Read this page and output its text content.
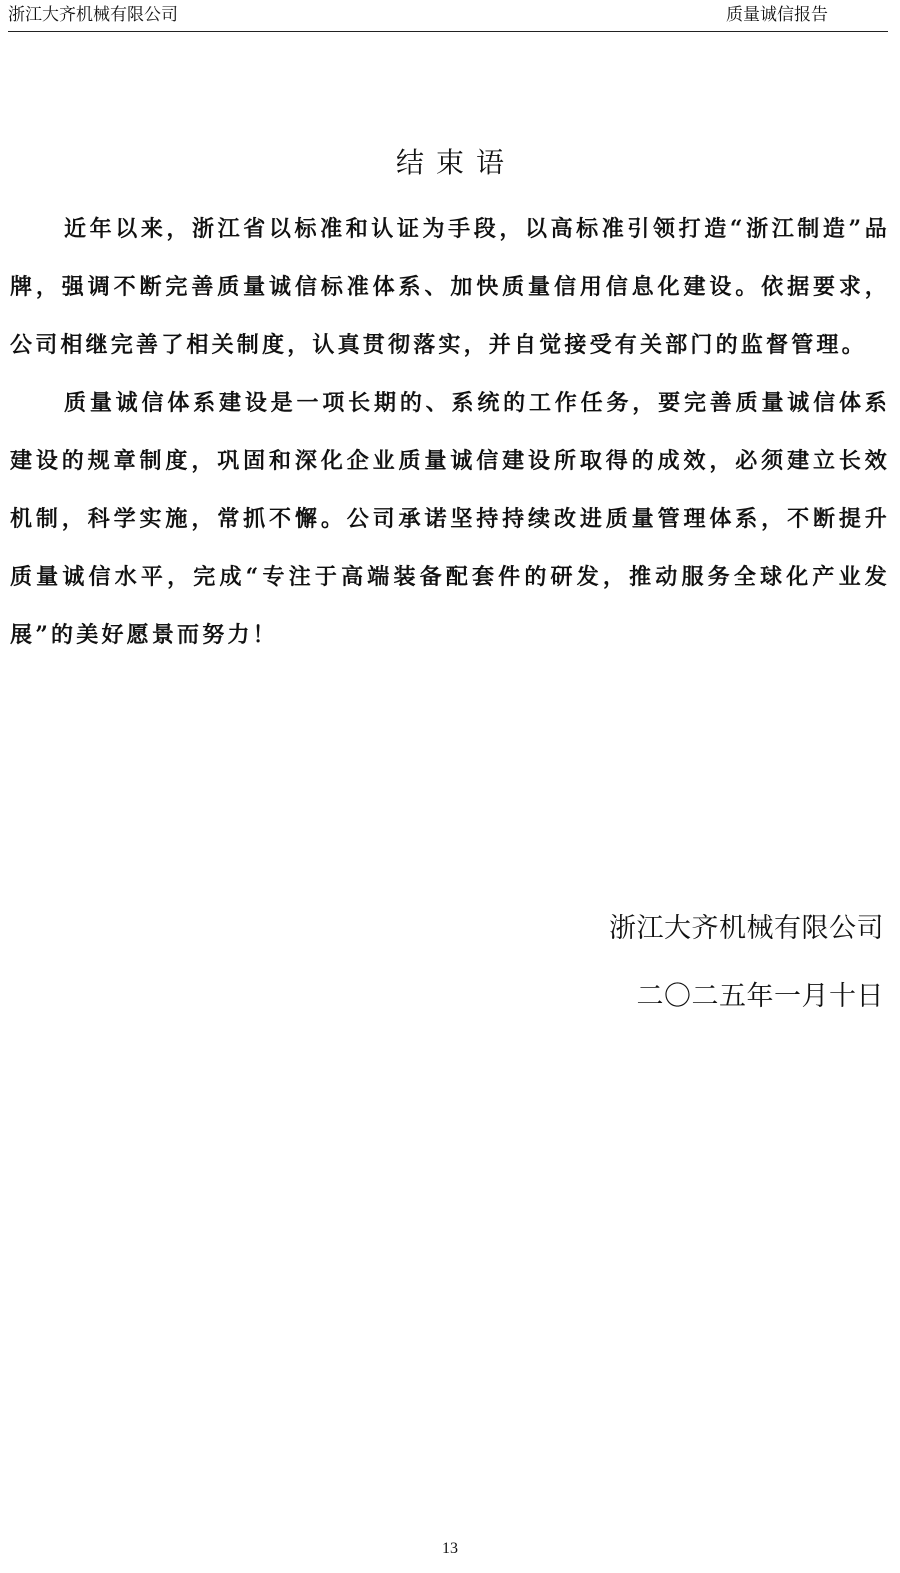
浙江大齐机械有限公司	质量诚信报告
结束语

近年以来，浙江省以标准和认证为手段，以高标准引领打造“浙江制造”品牌，强调不断完善质量诚信标准体系、加快质量信用信息化建设。依据要求，公司相继完善了相关制度，认真贯彻落实，并自觉接受有关部门的监督管理。

质量诚信体系建设是一项长期的、系统的工作任务，要完善质量诚信体系建设的规章制度，巩固和深化企业质量诚信建设所取得的成效，必须建立长效机制，科学实施，常抓不懈。公司承诺坚持持续改进质量管理体系，不断提升质量诚信水平，完成“专注于高端装备配套件的研发，推动服务全球化产业发展”的美好愿景而努力！

浙江大齐机械有限公司
二〇二五年一月十日
13
